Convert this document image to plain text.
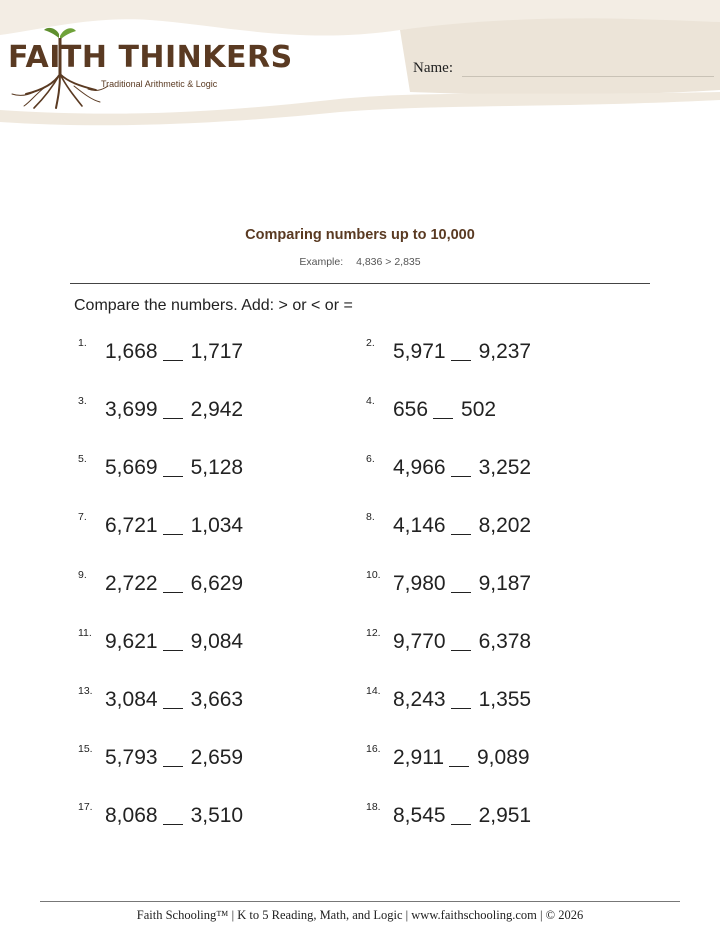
FAITH THINKERS
Traditional Arithmetic & Logic
Name:
Comparing numbers up to 10,000
Example: 4,836 > 2,835
Compare the numbers. Add: > or < or =
1. 1,668 1,717	2. 5,971 9,237
3. 3,699 2,942	4. 656 502
5. 5,669 5,128	6. 4,966 3,252
7. 6,721 1,034	8. 4,146 8,202
9. 2,722 6,629	10. 7,980 9,187
11. 9,621 9,084	12. 9,770 6,378
13. 3,084 3,663	14. 8,243 1,355
15. 5,793 2,659	16. 2,911 9,089
17. 8,068 3,510	18. 8,545 2,951
Faith Schooling™ | K to 5 Reading, Math, and Logic | www.faithschooling.com | © 2026
